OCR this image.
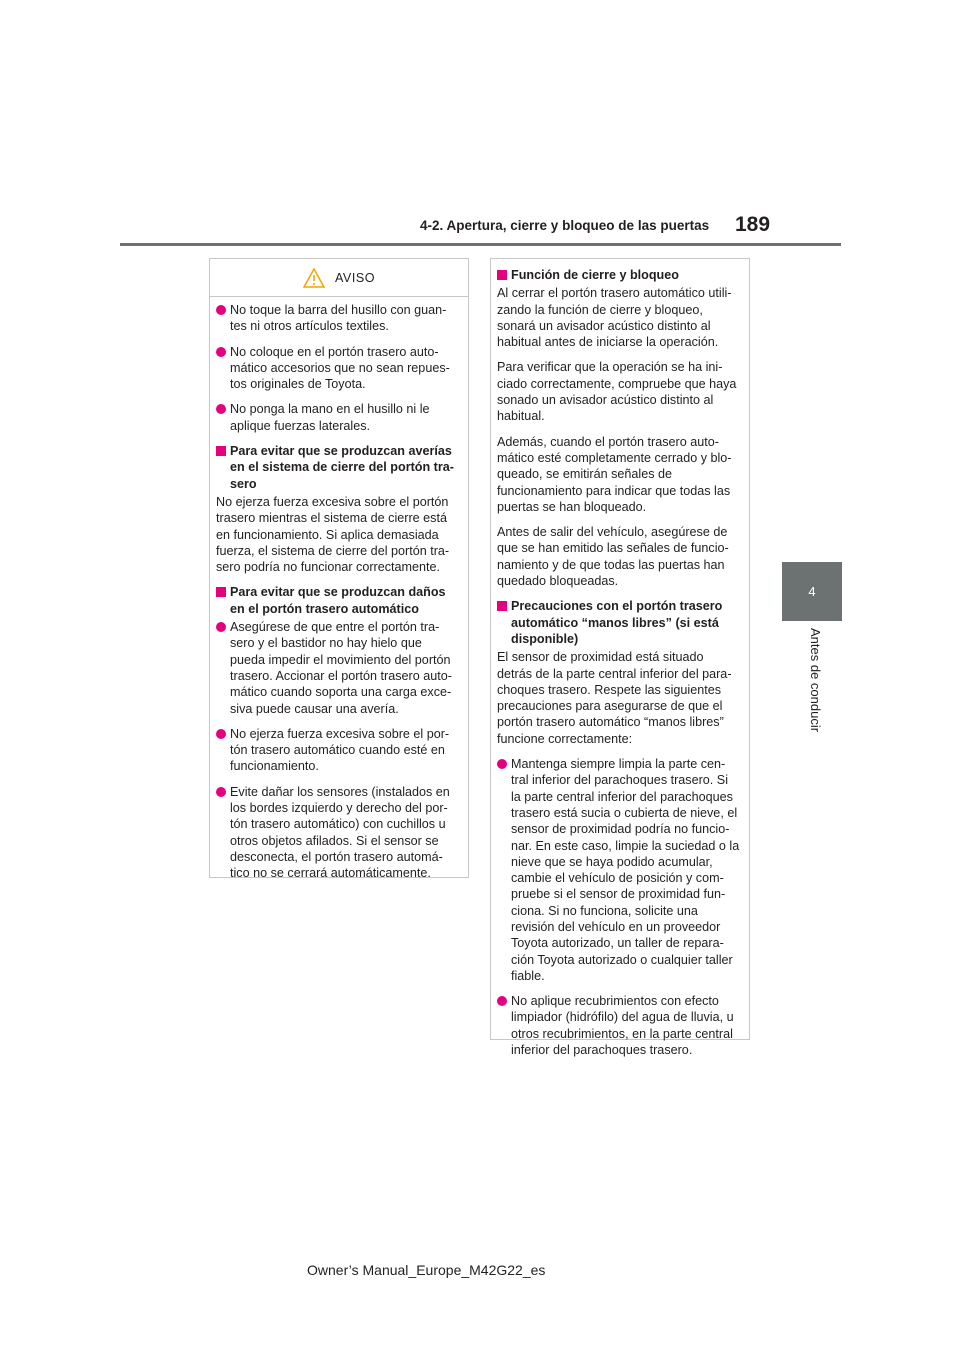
4-2. Apertura, cierre y bloqueo de las puertas 189
4
Antes de conducir
AVISO
No toque la barra del husillo con guan-tes ni otros artículos textiles.
No coloque en el portón trasero auto-mático accesorios que no sean repues-tos originales de Toyota.
No ponga la mano en el husillo ni le aplique fuerzas laterales.
Para evitar que se produzcan averías en el sistema de cierre del portón tra-sero
No ejerza fuerza excesiva sobre el portón trasero mientras el sistema de cierre está en funcionamiento. Si aplica demasiada fuerza, el sistema de cierre del portón tra-sero podría no funcionar correctamente.
Para evitar que se produzcan daños en el portón trasero automático
Asegúrese de que entre el portón tra-sero y el bastidor no hay hielo que pueda impedir el movimiento del portón trasero. Accionar el portón trasero auto-mático cuando soporta una carga exce-siva puede causar una avería.
No ejerza fuerza excesiva sobre el por-tón trasero automático cuando esté en funcionamiento.
Evite dañar los sensores (instalados en los bordes izquierdo y derecho del por-tón trasero automático) con cuchillos u otros objetos afilados. Si el sensor se desconecta, el portón trasero automá-tico no se cerrará automáticamente.
Función de cierre y bloqueo
Al cerrar el portón trasero automático utili-zando la función de cierre y bloqueo, sonará un avisador acústico distinto al habitual antes de iniciarse la operación.
Para verificar que la operación se ha ini-ciado correctamente, compruebe que haya sonado un avisador acústico distinto al habitual.
Además, cuando el portón trasero auto-mático esté completamente cerrado y blo-queado, se emitirán señales de funcionamiento para indicar que todas las puertas se han bloqueado.
Antes de salir del vehículo, asegúrese de que se han emitido las señales de funcio-namiento y de que todas las puertas han quedado bloqueadas.
Precauciones con el portón trasero automático “manos libres” (si está disponible)
El sensor de proximidad está situado detrás de la parte central inferior del para-choques trasero. Respete las siguientes precauciones para asegurarse de que el portón trasero automático “manos libres” funcione correctamente:
Mantenga siempre limpia la parte cen-tral inferior del parachoques trasero. Si la parte central inferior del parachoques trasero está sucia o cubierta de nieve, el sensor de proximidad podría no funcio-nar. En este caso, limpie la suciedad o la nieve que se haya podido acumular, cambie el vehículo de posición y com-pruebe si el sensor de proximidad fun-ciona. Si no funciona, solicite una revisión del vehículo en un proveedor Toyota autorizado, un taller de repara-ción Toyota autorizado o cualquier taller fiable.
No aplique recubrimientos con efecto limpiador (hidrófilo) del agua de lluvia, u otros recubrimientos, en la parte central inferior del parachoques trasero.
Owner’s Manual_Europe_M42G22_es
